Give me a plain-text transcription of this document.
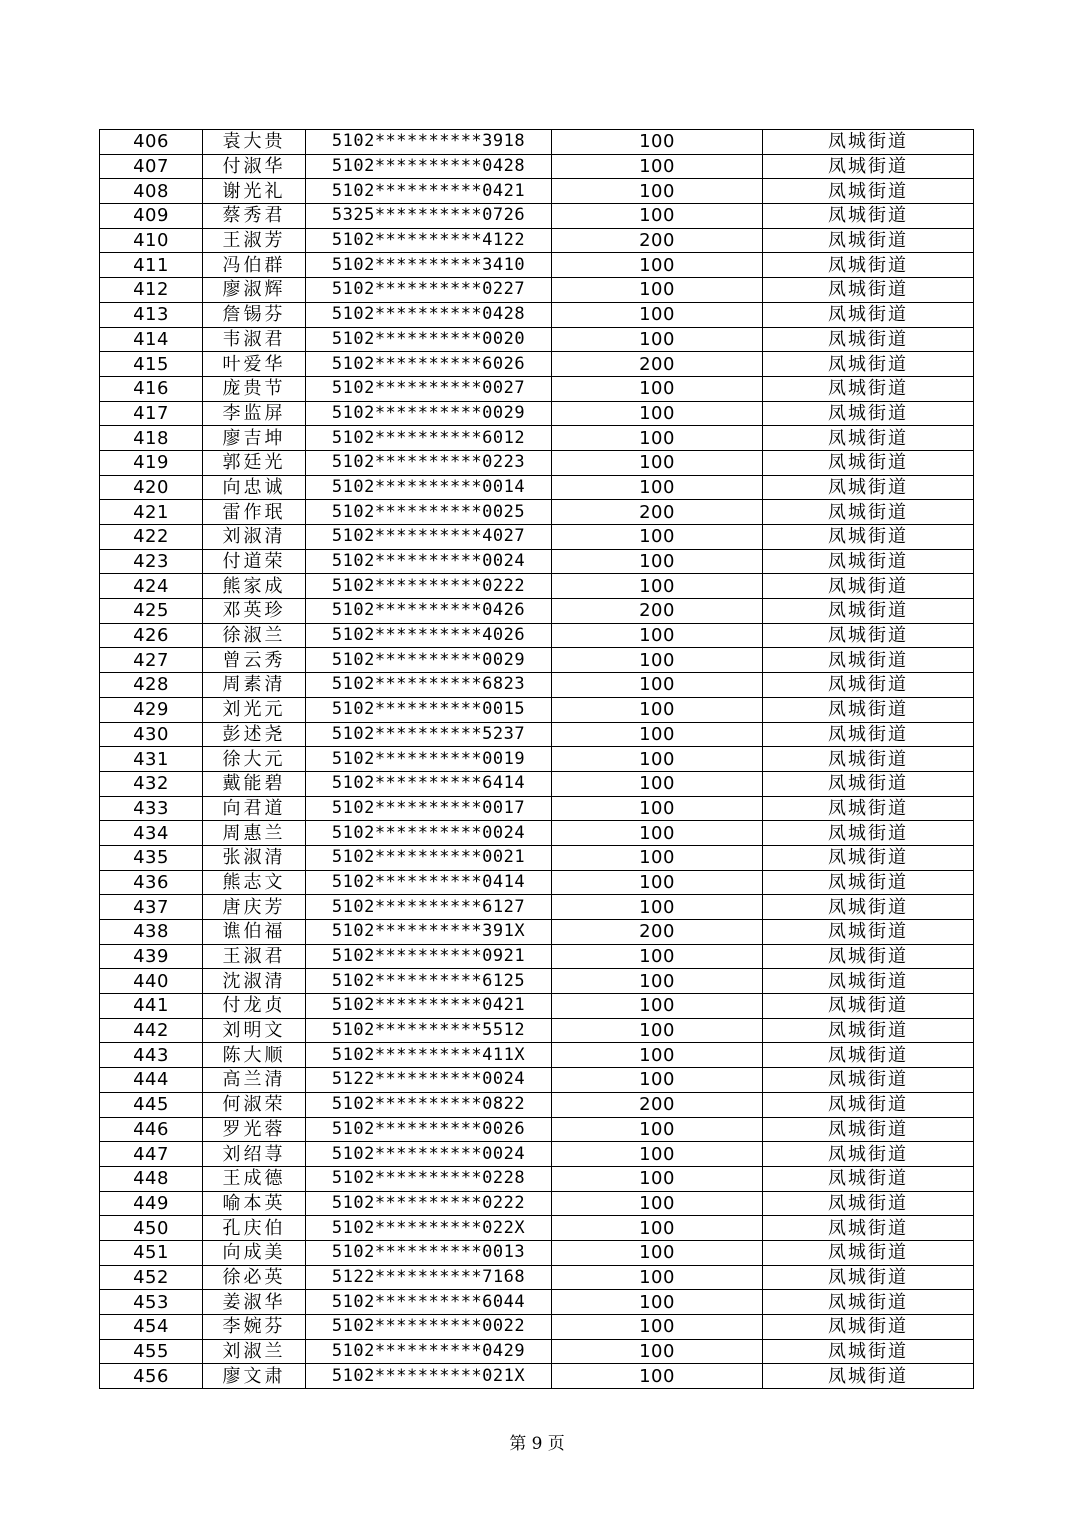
406	袁大贵	5102**********3918	100	凤城街道
407	付淑华	5102**********0428	100	凤城街道
408	谢光礼	5102**********0421	100	凤城街道
409	蔡秀君	5325**********0726	100	凤城街道
410	王淑芳	5102**********4122	200	凤城街道
411	冯伯群	5102**********3410	100	凤城街道
412	廖淑辉	5102**********0227	100	凤城街道
413	詹锡芬	5102**********0428	100	凤城街道
414	韦淑君	5102**********0020	100	凤城街道
415	叶爱华	5102**********6026	200	凤城街道
416	庞贵节	5102**********0027	100	凤城街道
417	李监屏	5102**********0029	100	凤城街道
418	廖吉坤	5102**********6012	100	凤城街道
419	郭廷光	5102**********0223	100	凤城街道
420	向忠诚	5102**********0014	100	凤城街道
421	雷作珉	5102**********0025	200	凤城街道
422	刘淑清	5102**********4027	100	凤城街道
423	付道荣	5102**********0024	100	凤城街道
424	熊家成	5102**********0222	100	凤城街道
425	邓英珍	5102**********0426	200	凤城街道
426	徐淑兰	5102**********4026	100	凤城街道
427	曾云秀	5102**********0029	100	凤城街道
428	周素清	5102**********6823	100	凤城街道
429	刘光元	5102**********0015	100	凤城街道
430	彭述尧	5102**********5237	100	凤城街道
431	徐大元	5102**********0019	100	凤城街道
432	戴能碧	5102**********6414	100	凤城街道
433	向君道	5102**********0017	100	凤城街道
434	周惠兰	5102**********0024	100	凤城街道
435	张淑清	5102**********0021	100	凤城街道
436	熊志文	5102**********0414	100	凤城街道
437	唐庆芳	5102**********6127	100	凤城街道
438	谯伯福	5102**********391X	200	凤城街道
439	王淑君	5102**********0921	100	凤城街道
440	沈淑清	5102**********6125	100	凤城街道
441	付龙贞	5102**********0421	100	凤城街道
442	刘明文	5102**********5512	100	凤城街道
443	陈大顺	5102**********411X	100	凤城街道
444	高兰清	5122**********0024	100	凤城街道
445	何淑荣	5102**********0822	200	凤城街道
446	罗光蓉	5102**********0026	100	凤城街道
447	刘绍荨	5102**********0024	100	凤城街道
448	王成德	5102**********0228	100	凤城街道
449	喻本英	5102**********0222	100	凤城街道
450	孔庆伯	5102**********022X	100	凤城街道
451	向成美	5102**********0013	100	凤城街道
452	徐必英	5122**********7168	100	凤城街道
453	姜淑华	5102**********6044	100	凤城街道
454	李婉芬	5102**********0022	100	凤城街道
455	刘淑兰	5102**********0429	100	凤城街道
456	廖文肃	5102**********021X	100	凤城街道
第 9 页
